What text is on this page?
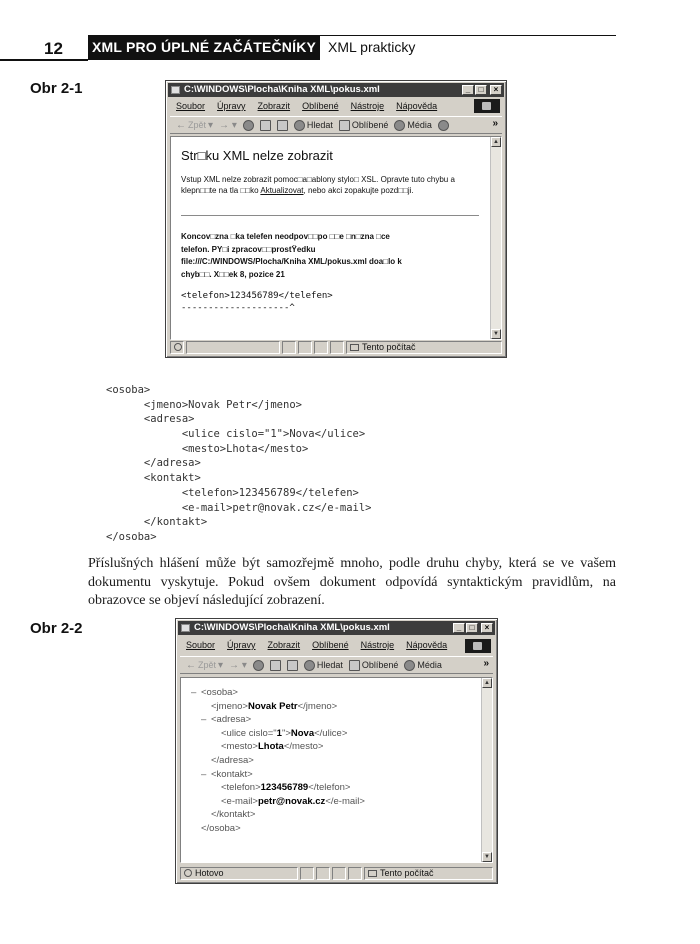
12 XML PRO ÚPLNÉ ZAČÁTEČNÍKY XML prakticky
Obr 2-1	C:\WINDOWS\Plocha\Kniha XML\pokus.xml	_	□	×
Soubor Úpravy Zobrazit Oblíbené Nástroje Nápověda
← Zpět ▾ → ▾	Hledat Oblíbené Média	»
Str□ku XML nelze zobrazit
Vstup XML nelze zobrazit pomoc□a□ablony stylo□ XSL. Opravte tuto chybu a klepn□□te na tla □□ko Aktualizovat, nebo akci zopakujte pozd□□ji.
Koncov□zna □ka telefen neodpov□□po □□e □n□zna □ce
telefon. PY□i zpracov□□prostŸedku
file:///C:/WINDOWS/Plocha/Kniha XML/pokus.xml doa□lo k
chyb□□. X□□ek 8, pozice 21
<telefon>123456789</telefen>
--------------------^
▲
▼
Tento počítač
<osoba>
<jmeno>Novak Petr</jmeno>
<adresa>
<ulice cislo="1">Nova</ulice>
<mesto>Lhota</mesto>
</adresa>
<kontakt>
<telefon>123456789</telefen>
<e-mail>petr@novak.cz</e-mail>
</kontakt>
</osoba>
Příslušných hlášení může být samozřejmě mnoho, podle druhu chyby, která se ve vašem dokumentu vyskytuje. Pokud ovšem dokument odpovídá syntaktickým pravidlům, na obrazovce se objeví následující zobrazení.
Obr 2-2	C:\WINDOWS\Plocha\Kniha XML\pokus.xml	_	□	×
Soubor Úpravy Zobrazit Oblíbené Nástroje Nápověda
← Zpět ▾ → ▾	Hledat Oblíbené Média	»
– <osoba>
<jmeno>Novak Petr</jmeno>
– <adresa>
<ulice cislo="1">Nova</ulice>
<mesto>Lhota</mesto>
</adresa>
– <kontakt>
<telefon>123456789</telefon>
<e-mail>petr@novak.cz</e-mail>
</kontakt>
</osoba>
▲
▼
Hotovo	Tento počítač
